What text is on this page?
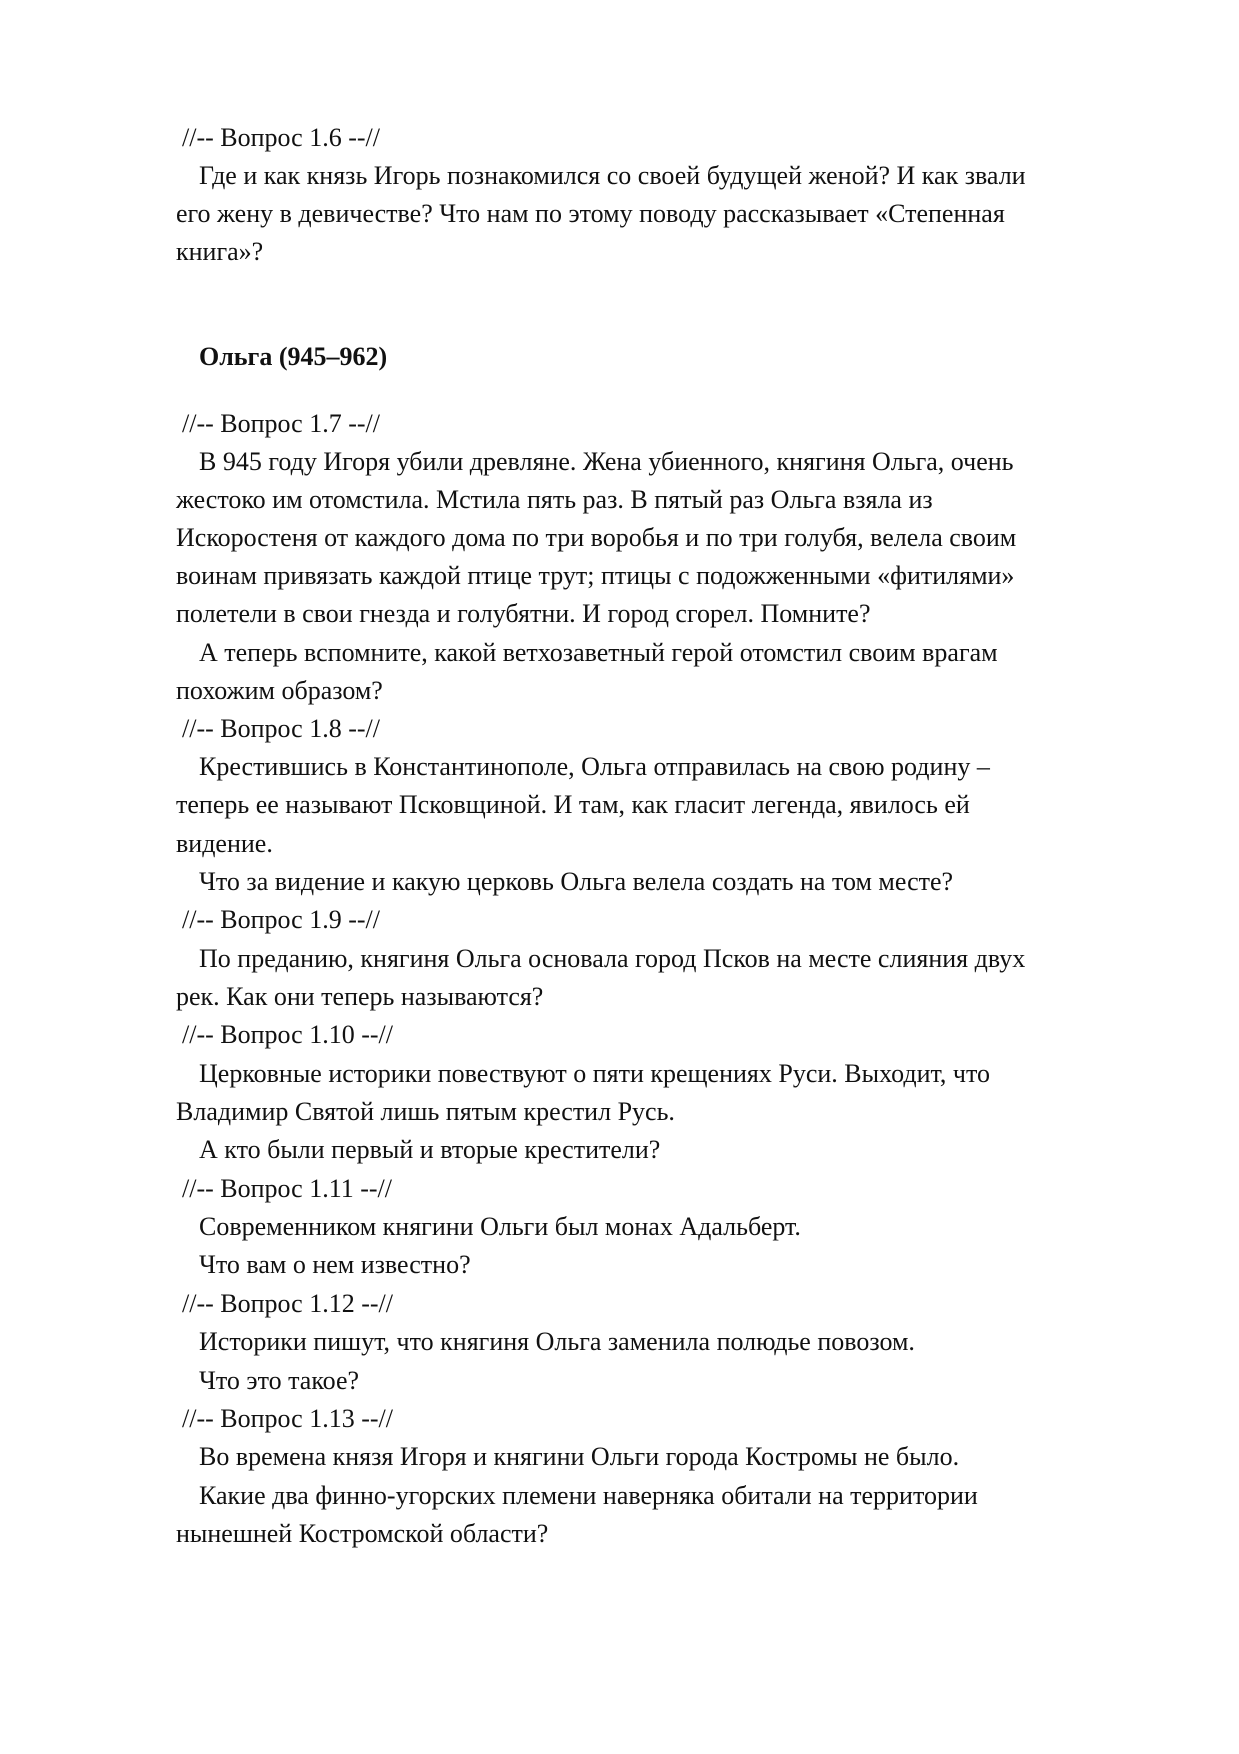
//-- Вопрос 1.6 --//

Где и как князь Игорь познакомился со своей будущей женой? И как звали

его жену в девичестве? Что нам по этому поводу рассказывает «Степенная

книга»?

Ольга (945–962)

//-- Вопрос 1.7 --//

В 945 году Игоря убили древляне. Жена убиенного, княгиня Ольга, очень

жестоко им отомстила. Мстила пять раз. В пятый раз Ольга взяла из

Искоростеня от каждого дома по три воробья и по три голубя, велела своим

воинам привязать каждой птице трут; птицы с подожженными «фитилями»

полетели в свои гнезда и голубятни. И город сгорел. Помните?

А теперь вспомните, какой ветхозаветный герой отомстил своим врагам

похожим образом?

//-- Вопрос 1.8 --//

Крестившись в Константинополе, Ольга отправилась на свою родину –

теперь ее называют Псковщиной. И там, как гласит легенда, явилось ей

видение.

Что за видение и какую церковь Ольга велела создать на том месте?

//-- Вопрос 1.9 --//

По преданию, княгиня Ольга основала город Псков на месте слияния двух

рек. Как они теперь называются?

//-- Вопрос 1.10 --//

Церковные историки повествуют о пяти крещениях Руси. Выходит, что

Владимир Святой лишь пятым крестил Русь.

А кто были первый и вторые крестители?

//-- Вопрос 1.11 --//

Современником княгини Ольги был монах Адальберт.

Что вам о нем известно?

//-- Вопрос 1.12 --//

Историки пишут, что княгиня Ольга заменила полюдье повозом.

Что это такое?

//-- Вопрос 1.13 --//

Во времена князя Игоря и княгини Ольги города Костромы не было.

Какие два финно-угорских племени наверняка обитали на территории

нынешней Костромской области?
